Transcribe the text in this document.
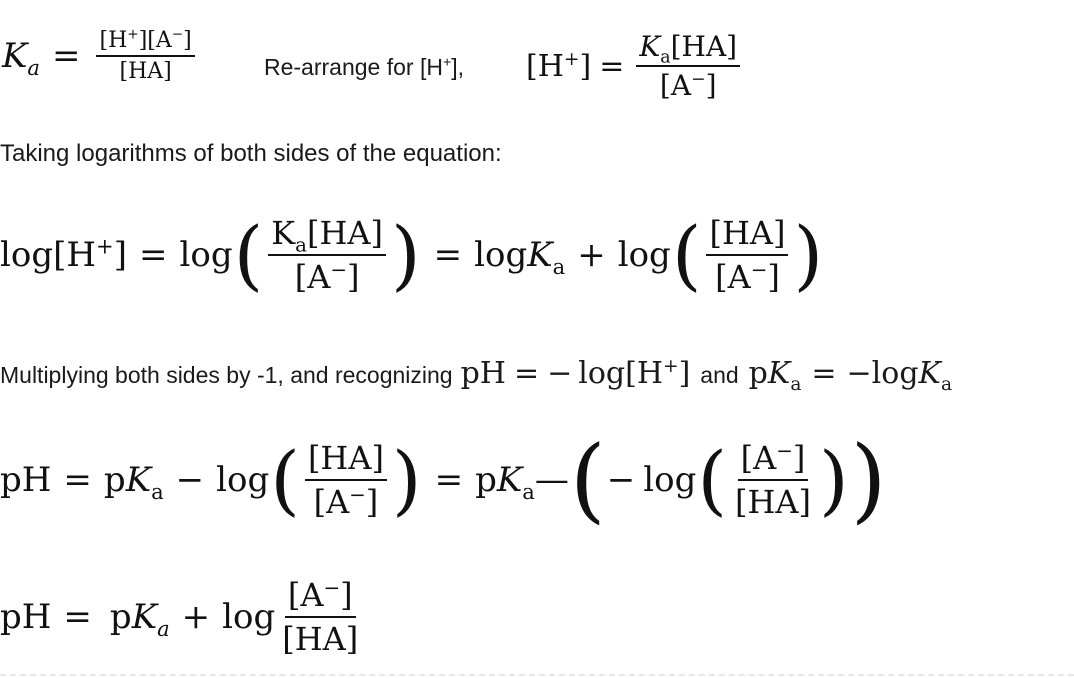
$K_a = \frac{[H^+][A^-]}{[HA]}$	Re-arrange for [H+], $[H^+] = \frac{K_a[HA]}{[A^-]}$
Taking logarithms of both sides of the equation:
log[H+] = log ( $\frac{K_a[HA]}{[A^-]}$ ) = logK$_a$ + log ( $\frac{[HA]}{[A^-]}$ )
Multiplying both sides by -1, and recognizing pH = − log[H+] and $pK_a = -\log K_a$
pH = $pK_a - \log$ ( $\frac{[HA]}{[A^-]}$ ) = $pK_a$ — ( − log ( $\frac{[A^-]}{[HA]}$ ) )
pH = $pK_a + \log \frac{[A^-]}{[HA]}$
